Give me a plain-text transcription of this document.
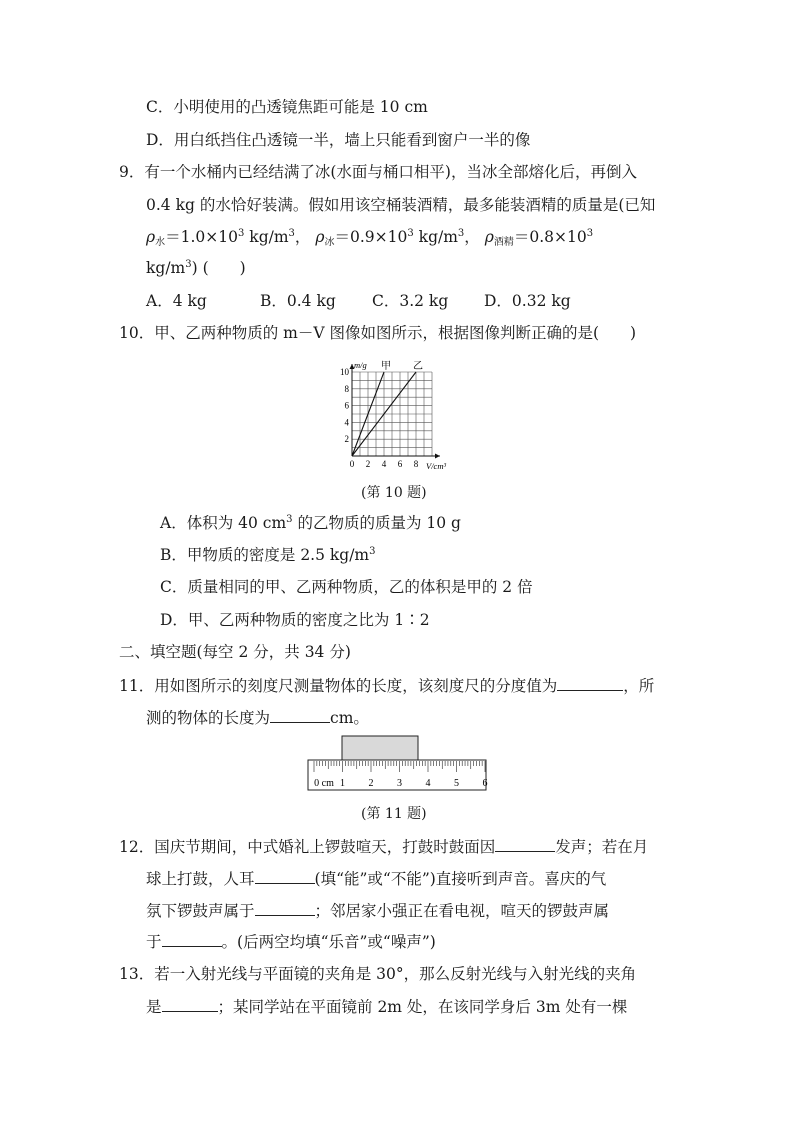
C．小明使用的凸透镜焦距可能是 10 cm
D．用白纸挡住凸透镜一半，墙上只能看到窗户一半的像
9．有一个水桶内已经结满了冰(水面与桶口相平)，当冰全部熔化后，再倒入
0.4 kg 的水恰好装满。假如用该空桶装酒精，最多能装酒精的质量是(已知
$\rho_水=1.0\times 10^3$ $kg/m^3$， $\rho_冰=0.9\times 10^3$ $kg/m^3$， $\rho_{酒精}=0.8\times 10^3$
$kg/m^3$) (　　)
A．4 kg	B．0.4 kg C．3.2 kg D．0.32 kg
10．甲、乙两种物质的 m－V 图像如图所示，根据图像判断正确的是(　　)
V/cm³
m/g
0 2 4 6 8
2
4
6
8
10	甲 乙
(第 10 题)
A．体积为 40 $cm^3$ 的乙物质的质量为 10 g
B．甲物质的密度是 2.5 $kg/m^3$
C．质量相同的甲、乙两种物质，乙的体积是甲的 2 倍
D．甲、乙两种物质的密度之比为 1∶2
二、填空题(每空 2 分，共 34 分)
11．用如图所示的刻度尺测量物体的长度，该刻度尺的分度值为	，所
测的物体的长度为	cm。
0 cm 1 2 3 4 5 6
(第 11 题)
12．国庆节期间，中式婚礼上锣鼓喧天，打鼓时鼓面因	发声；若在月
球上打鼓，人耳	(填“能”或“不能”)直接听到声音。喜庆的气
氛下锣鼓声属于	；邻居家小强正在看电视，喧天的锣鼓声属
于	。(后两空均填“乐音”或“噪声”)
13．若一入射光线与平面镜的夹角是 30°，那么反射光线与入射光线的夹角
是	；某同学站在平面镜前 2m 处，在该同学身后 3m 处有一棵
